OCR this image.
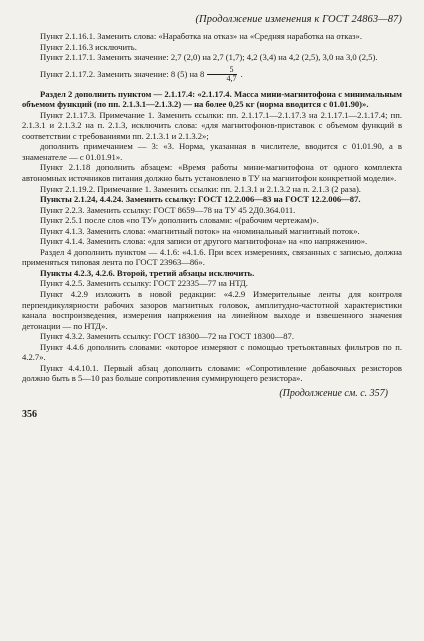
(Продолжение изменения к ГОСТ 24863—87)

Пункт 2.1.16.1. Заменить слова: «Наработка на отказ» на «Средняя наработка на отказ».

Пункт 2.1.16.3 исключить.

Пункт 2.1.17.1. Заменить значение: 2,7 (2,0) на 2,7 (1,7); 4,2 (3,4) на 4,2 (2,5), 3,0 на 3,0 (2,5).

Пункт 2.1.17.2. Заменить значение: 8 (5) на $8 \frac{5}{4,7}$ .

Раздел 2 дополнить пунктом — 2.1.17.4: «2.1.17.4. Масса мини-магнитофона с минимальным объемом функций (по пп. 2.1.3.1—2.1.3.2) — на более 0,25 кг (норма вводится с 01.01.90)».

Пункт 2.1.17.3. Примечание 1. Заменить ссылки: пп. 2.1.17.1—2.1.17.3 на 2.1.17.1—2.1.17.4; пп. 2.1.3.1 и 2.1.3.2 на п. 2.1.3, исключить слова: «для магнитофонов-приставок с объемом функций в соответствии с требованиями пп. 2.1.3.1 и 2.1.3.2»;

дополнить примечанием — 3: «3. Норма, указанная в числителе, вводится с 01.01.90, а в знаменателе — с 01.01.91».

Пункт 2.1.18 дополнить абзацем: «Время работы мини-магнитофона от одного комплекта автономных источников питания должно быть установлено в ТУ на магнитофон конкретной модели».

Пункт 2.1.19.2. Примечание 1. Заменить ссылки: пп. 2.1.3.1 и 2.1.3.2 на п. 2.1.3 (2 раза).

Пункты 2.1.24, 4.4.24. Заменить ссылку: ГОСТ 12.2.006—83 на ГОСТ 12.2.006—87.

Пункт 2.2.3. Заменить ссылку: ГОСТ 8659—78 на ТУ 45 2Д0.364.011.

Пункт 2.5.1 после слов «по ТУ» дополнить словами: «(рабочим чертежам)».

Пункт 4.1.3. Заменить слова: «магнитный поток» на «номинальный магнитный поток».

Пункт 4.1.4. Заменить слова: «для записи от другого магнитофона» на «по напряжению».

Раздел 4 дополнить пунктом — 4.1.6: «4.1.6. При всех измерениях, связанных с записью, должна применяться типовая лента по ГОСТ 23963—86».

Пункты 4.2.3, 4.2.6. Второй, третий абзацы исключить.

Пункт 4.2.5. Заменить ссылку: ГОСТ 22335—77 на НТД.

Пункт 4.2.9 изложить в новой редакции: «4.2.9 Измерительные ленты для контроля перпендикулярности рабочих зазоров магнитных головок, амплитудно-частотной характеристики канала воспроизведения, измерения напряжения на линейном выходе и взвешенного значения детонации — по НТД».

Пункт 4.3.2. Заменить ссылку: ГОСТ 18300—72 на ГОСТ 18300—87.

Пункт 4.4.6 дополнить словами: «которое измеряют с помощью третьоктавных фильтров по п. 4.2.7».

Пункт 4.4.10.1. Первый абзац дополнить словами: «Сопротивление добавочных резисторов должно быть в 5—10 раз больше сопротивления суммирующего резистора».

(Продолжение см. с. 357)
356
